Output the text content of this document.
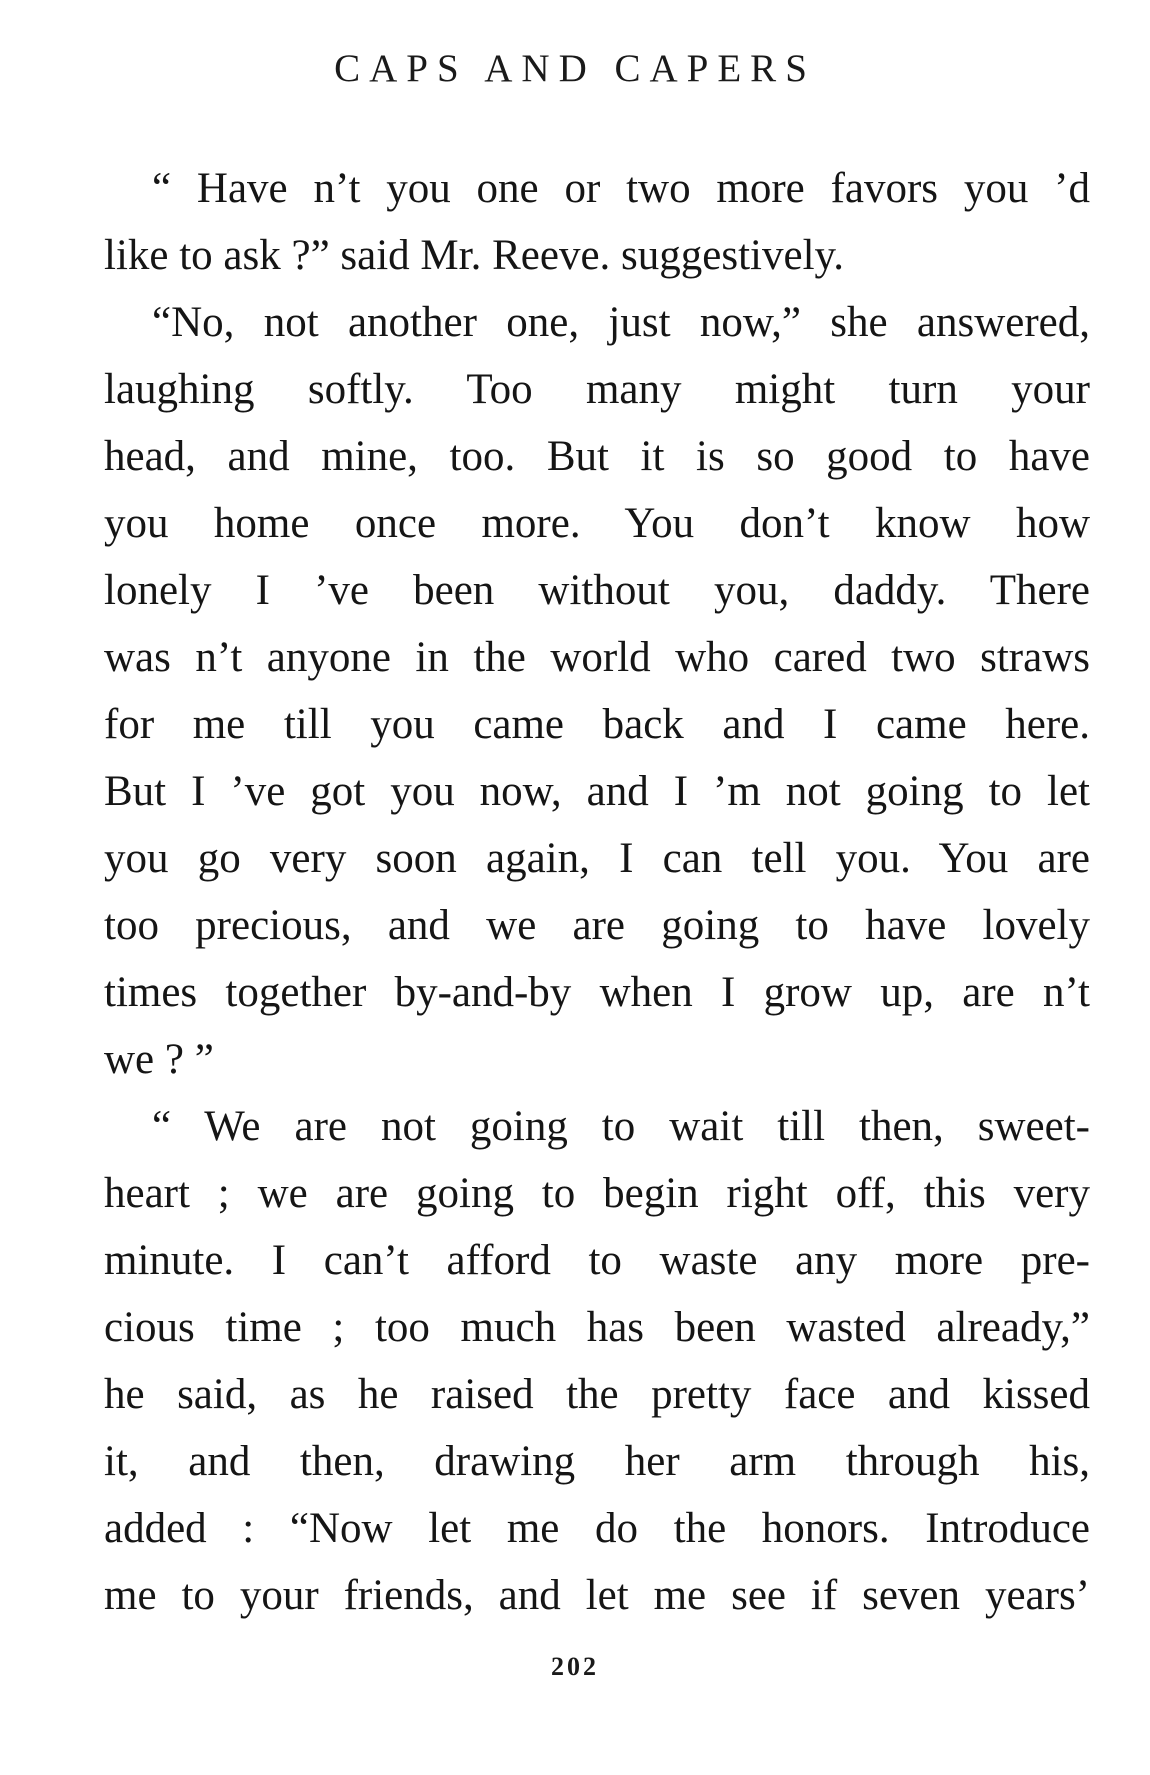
CAPS AND CAPERS
“ Have n’t you one or two more favors you ’d
like to ask ?” said Mr. Reeve. suggestively.
“No, not another one, just now,” she answered,
laughing softly. Too many might turn your
head, and mine, too. But it is so good to have
you home once more. You don’t know how
lonely I ’ve been without you, daddy. There
was n’t anyone in the world who cared two straws
for me till you came back and I came here.
But I ’ve got you now, and I ’m not going to let
you go very soon again, I can tell you. You are
too precious, and we are going to have lovely
times together by-and-by when I grow up, are n’t
we ? ”
“ We are not going to wait till then, sweet-
heart ; we are going to begin right off, this very
minute. I can’t afford to waste any more pre-
cious time ; too much has been wasted already,”
he said, as he raised the pretty face and kissed
it, and then, drawing her arm through his,
added : “Now let me do the honors. Introduce
me to your friends, and let me see if seven years’
202
